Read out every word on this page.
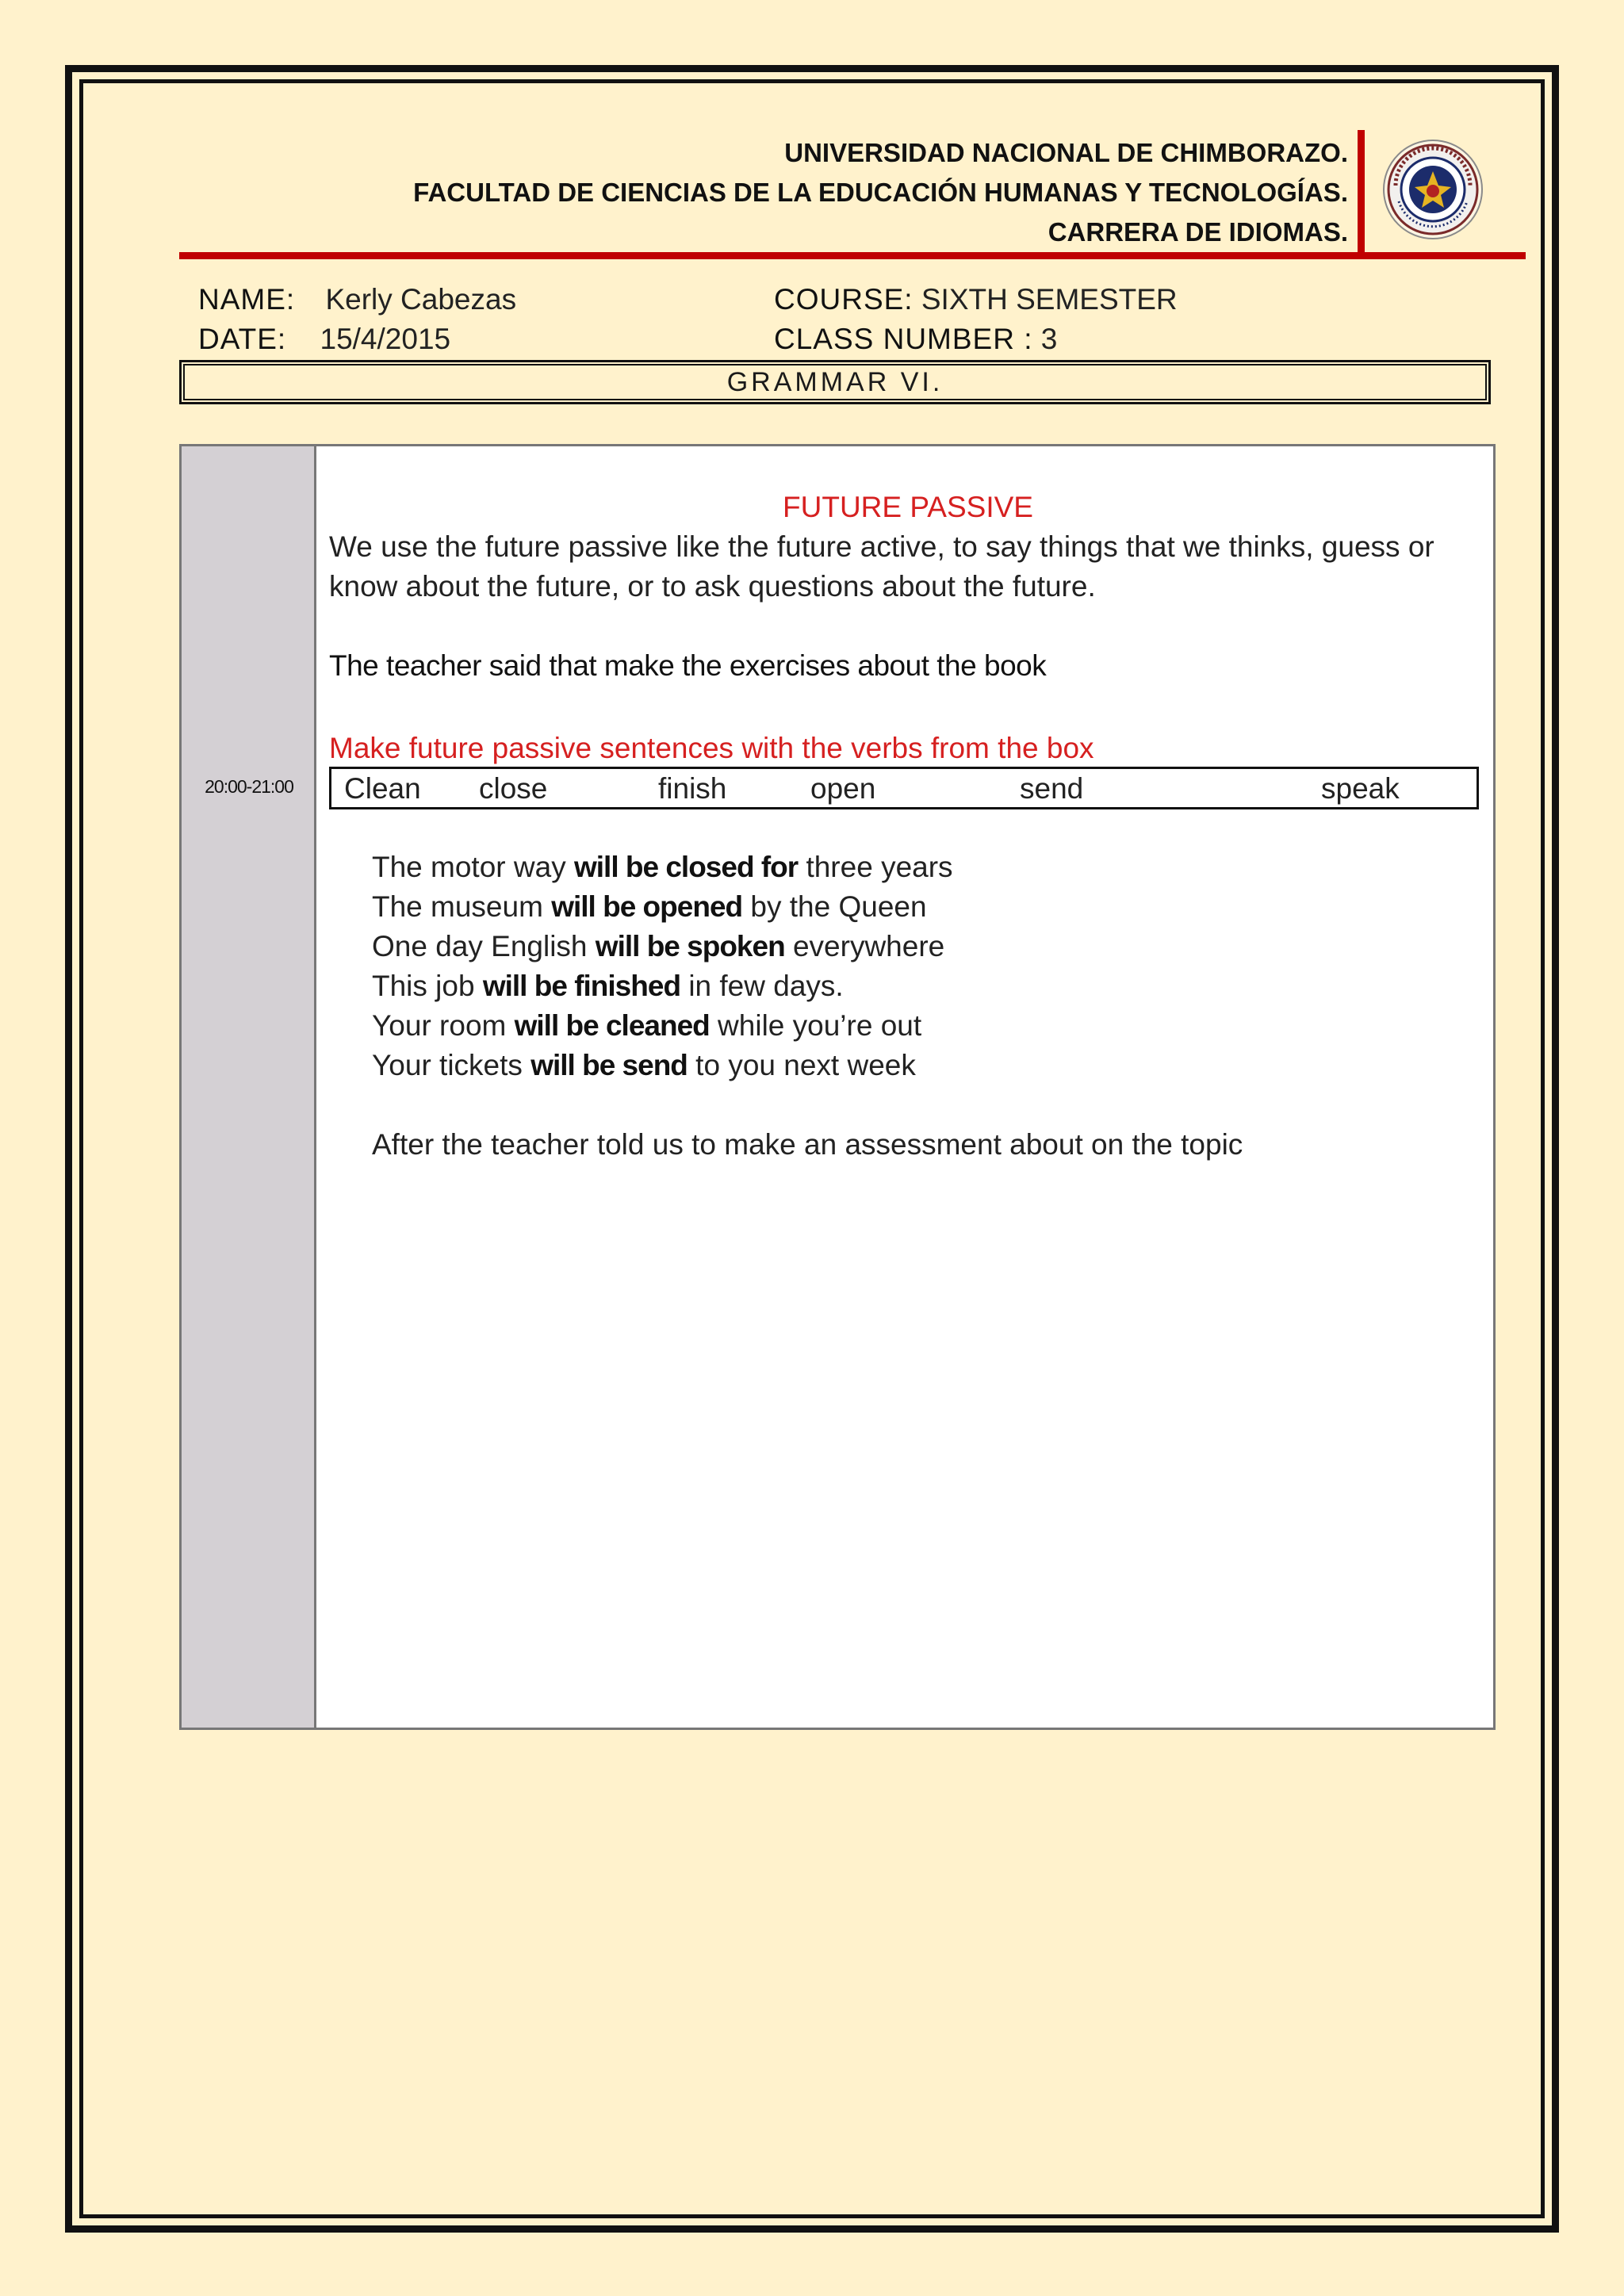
UNIVERSIDAD NACIONAL DE CHIMBORAZO.
FACULTAD DE CIENCIAS DE LA EDUCACIÓN HUMANAS Y TECNOLOGÍAS.
CARRERA DE IDIOMAS.
NAME: Kerly Cabezas
DATE: 15/4/2015
COURSE: SIXTH SEMESTER
CLASS NUMBER : 3
GRAMMAR VI.
20:00-21:00
FUTURE PASSIVE
We use the future passive like the future active, to say things that we thinks, guess or
know about the future, or to ask questions about the future.
The teacher said that make the exercises about the book
Make future passive sentences with the verbs from the box
Clean close	finish	open	send	speak
The motor way will be closed for three years
The museum will be opened by the Queen
One day English will be spoken everywhere
This job will be finished in few days.
Your room will be cleaned while you’re out
Your tickets will be send to you next week
After the teacher told us to make an assessment about on the topic
